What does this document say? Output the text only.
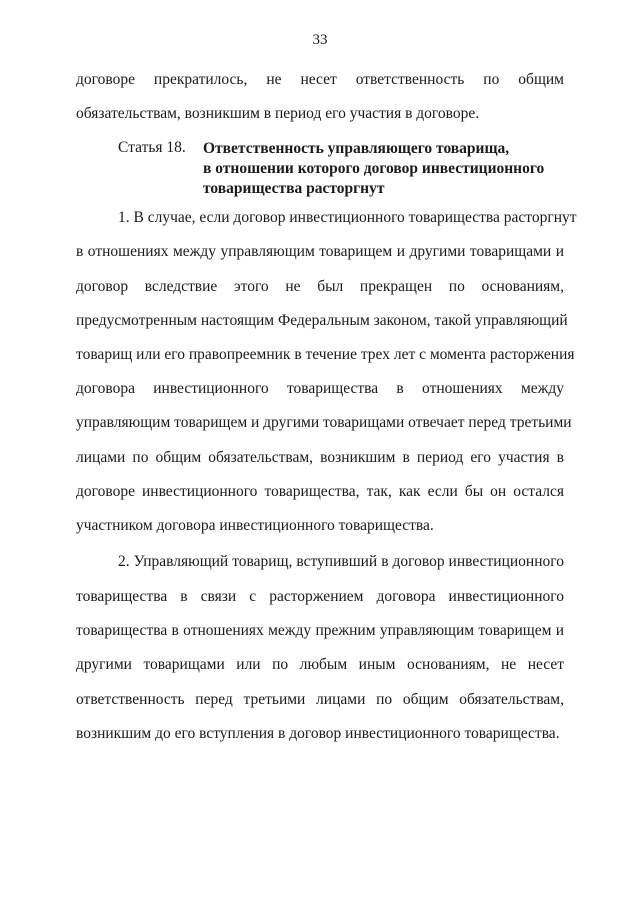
33
договоре прекратилось, не несет ответственность по общим
обязательствам, возникшим в период его участия в договоре.
Статья 18. Ответственность управляющего товарища,
в отношении которого договор инвестиционного
товарищества расторгнут
1. В случае, если договор инвестиционного товарищества расторгнут
в отношениях между управляющим товарищем и другими товарищами и
договор вследствие этого не был прекращен по основаниям,
предусмотренным настоящим Федеральным законом, такой управляющий
товарищ или его правопреемник в течение трех лет с момента расторжения
договора инвестиционного товарищества в отношениях между
управляющим товарищем и другими товарищами отвечает перед третьими
лицами по общим обязательствам, возникшим в период его участия в
договоре инвестиционного товарищества, так, как если бы он остался
участником договора инвестиционного товарищества.
2. Управляющий товарищ, вступивший в договор инвестиционного
товарищества в связи с расторжением договора инвестиционного
товарищества в отношениях между прежним управляющим товарищем и
другими товарищами или по любым иным основаниям, не несет
ответственность перед третьими лицами по общим обязательствам,
возникшим до его вступления в договор инвестиционного товарищества.
